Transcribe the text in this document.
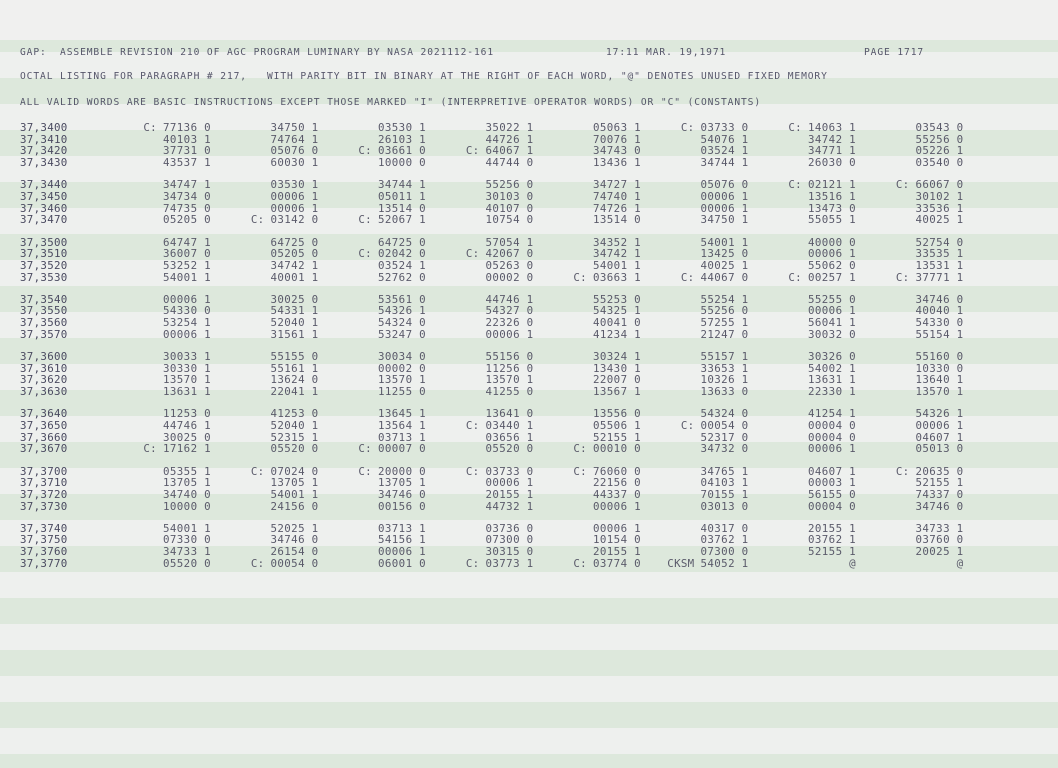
GAP:  ASSEMBLE REVISION 210 OF AGC PROGRAM LUMINARY BY NASA 2021112-161	17:11 MAR. 19,1971	PAGE 1717
OCTAL LISTING FOR PARAGRAPH # 217,   WITH PARITY BIT IN BINARY AT THE RIGHT OF EACH WORD, "@" DENOTES UNUSED FIXED MEMORY
ALL VALID WORDS ARE BASIC INSTRUCTIONS EXCEPT THOSE MARKED "I" (INTERPRETIVE OPERATOR WORDS) OR "C" (CONSTANTS)
37,3400	C: 77136 0	34750 1	03530 1	35022 1	05063 1	C: 03733 0	C: 14063 1	03543 0
37,3410	40103 1	74764 1	26103 1	44726 1	70076 1	54076 1	34742 1	55256 0
37,3420	37731 0	05076 0	C: 03661 0	C: 64067 1	34743 0	03524 1	34771 1	05226 1
37,3430	43537 1	60030 1	10000 0	44744 0	13436 1	34744 1	26030 0	03540 0
37,3440	34747 1	03530 1	34744 1	55256 0	34727 1	05076 0	C: 02121 1	C: 66067 0
37,3450	34734 0	00006 1	05011 1	30103 0	74740 1	00006 1	13516 1	30102 1
37,3460	74735 0	00006 1	13514 0	40107 0	74726 1	00006 1	13473 0	33536 1
37,3470	05205 0	C: 03142 0	C: 52067 1	10754 0	13514 0	34750 1	55055 1	40025 1
37,3500	64747 1	64725 0	64725 0	57054 1	34352 1	54001 1	40000 0	52754 0
37,3510	36007 0	05205 0	C: 02042 0	C: 42067 0	34742 1	13425 0	00006 1	33535 1
37,3520	53252 1	34742 1	03524 1	05263 0	54001 1	40025 1	55062 0	13531 1
37,3530	54001 1	40001 1	52762 0	00002 0	C: 03663 1	C: 44067 0	C: 00257 1	C: 37771 1
37,3540	00006 1	30025 0	53561 0	44746 1	55253 0	55254 1	55255 0	34746 0
37,3550	54330 0	54331 1	54326 1	54327 0	54325 1	55256 0	00006 1	40040 1
37,3560	53254 1	52040 1	54324 0	22326 0	40041 0	57255 1	56041 1	54330 0
37,3570	00006 1	31561 1	53247 0	00006 1	41234 1	21247 0	30032 0	55154 1
37,3600	30033 1	55155 0	30034 0	55156 0	30324 1	55157 1	30326 0	55160 0
37,3610	30330 1	55161 1	00002 0	11256 0	13430 1	33653 1	54002 1	10330 0
37,3620	13570 1	13624 0	13570 1	13570 1	22007 0	10326 1	13631 1	13640 1
37,3630	13631 1	22041 1	11255 0	41255 0	13567 1	13633 0	22330 1	13570 1
37,3640	11253 0	41253 0	13645 1	13641 0	13556 0	54324 0	41254 1	54326 1
37,3650	44746 1	52040 1	13564 1	C: 03440 1	05506 1	C: 00054 0	00004 0	00006 1
37,3660	30025 0	52315 1	03713 1	03656 1	52155 1	52317 0	00004 0	04607 1
37,3670	C: 17162 1	05520 0	C: 00007 0	05520 0	C: 00010 0	34732 0	00006 1	05013 0
37,3700	05355 1	C: 07024 0	C: 20000 0	C: 03733 0	C: 76060 0	34765 1	04607 1	C: 20635 0
37,3710	13705 1	13705 1	13705 1	00006 1	22156 0	04103 1	00003 1	52155 1
37,3720	34740 0	54001 1	34746 0	20155 1	44337 0	70155 1	56155 0	74337 0
37,3730	10000 0	24156 0	00156 0	44732 1	00006 1	03013 0	00004 0	34746 0
37,3740	54001 1	52025 1	03713 1	03736 0	00006 1	40317 0	20155 1	34733 1
37,3750	07330 0	34746 0	54156 1	07300 0	10154 0	03762 1	03762 1	03760 0
37,3760	34733 1	26154 0	00006 1	30315 0	20155 1	07300 0	52155 1	20025 1
37,3770	05520 0	C: 00054 0	06001 0	C: 03773 1	C: 03774 0	CKSM 54052 1	@	@
